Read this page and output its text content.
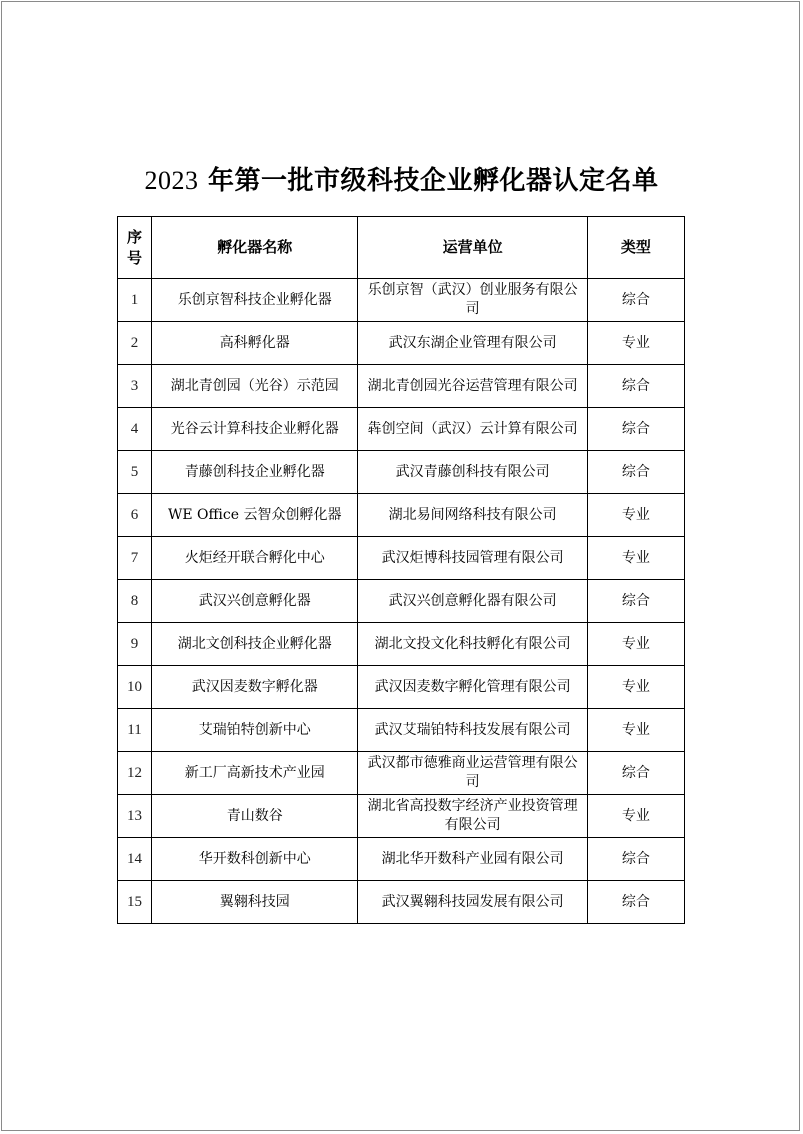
2023 年第一批市级科技企业孵化器认定名单
序号	孵化器名称	运营单位	类型
1	乐创京智科技企业孵化器	乐创京智（武汉）创业服务有限公司	综合
2	高科孵化器	武汉东湖企业管理有限公司	专业
3	湖北青创园（光谷）示范园	湖北青创园光谷运营管理有限公司	综合
4	光谷云计算科技企业孵化器	犇创空间（武汉）云计算有限公司	综合
5	青藤创科技企业孵化器	武汉青藤创科技有限公司	综合
6	WE Office 云智众创孵化器	湖北易间网络科技有限公司	专业
7	火炬经开联合孵化中心	武汉炬博科技园管理有限公司	专业
8	武汉兴创意孵化器	武汉兴创意孵化器有限公司	综合
9	湖北文创科技企业孵化器	湖北文投文化科技孵化有限公司	专业
10	武汉因麦数字孵化器	武汉因麦数字孵化管理有限公司	专业
11	艾瑞铂特创新中心	武汉艾瑞铂特科技发展有限公司	专业
12	新工厂高新技术产业园	武汉都市德雅商业运营管理有限公司	综合
13	青山数谷	湖北省高投数字经济产业投资管理有限公司	专业
14	华开数科创新中心	湖北华开数科产业园有限公司	综合
15	翼翱科技园	武汉翼翱科技园发展有限公司	综合
